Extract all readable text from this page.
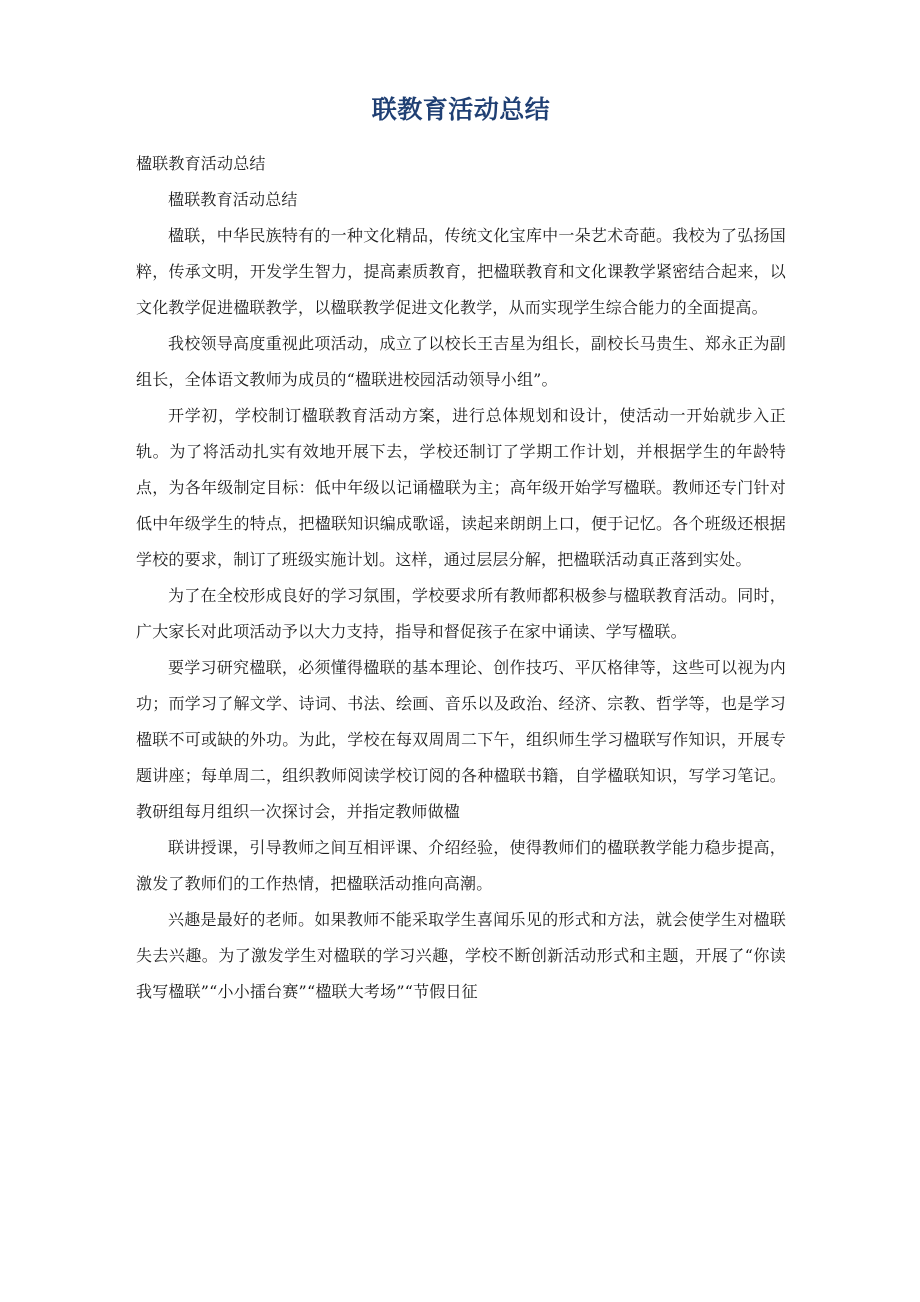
联教育活动总结

楹联教育活动总结

楹联教育活动总结

楹联，中华民族特有的一种文化精品，传统文化宝库中一朵艺术奇葩。我校为了弘扬国粹，传承文明，开发学生智力，提高素质教育，把楹联教育和文化课教学紧密结合起来，以文化教学促进楹联教学，以楹联教学促进文化教学，从而实现学生综合能力的全面提高。

我校领导高度重视此项活动，成立了以校长王吉星为组长，副校长马贵生、郑永正为副组长，全体语文教师为成员的“楹联进校园活动领导小组”。

开学初，学校制订楹联教育活动方案，进行总体规划和设计，使活动一开始就步入正轨。为了将活动扎实有效地开展下去，学校还制订了学期工作计划，并根据学生的年龄特点，为各年级制定目标：低中年级以记诵楹联为主；高年级开始学写楹联。教师还专门针对低中年级学生的特点，把楹联知识编成歌谣，读起来朗朗上口，便于记忆。各个班级还根据学校的要求，制订了班级实施计划。这样，通过层层分解，把楹联活动真正落到实处。

为了在全校形成良好的学习氛围，学校要求所有教师都积极参与楹联教育活动。同时，广大家长对此项活动予以大力支持，指导和督促孩子在家中诵读、学写楹联。

要学习研究楹联，必须懂得楹联的基本理论、创作技巧、平仄格律等，这些可以视为内功；而学习了解文学、诗词、书法、绘画、音乐以及政治、经济、宗教、哲学等，也是学习楹联不可或缺的外功。为此，学校在每双周周二下午，组织师生学习楹联写作知识，开展专题讲座；每单周二，组织教师阅读学校订阅的各种楹联书籍，自学楹联知识，写学习笔记。教研组每月组织一次探讨会，并指定教师做楹

联讲授课，引导教师之间互相评课、介绍经验，使得教师们的楹联教学能力稳步提高，激发了教师们的工作热情，把楹联活动推向高潮。

兴趣是最好的老师。如果教师不能采取学生喜闻乐见的形式和方法，就会使学生对楹联失去兴趣。为了激发学生对楹联的学习兴趣，学校不断创新活动形式和主题，开展了“你读我写楹联”“小小擂台赛”“楹联大考场”“节假日征
